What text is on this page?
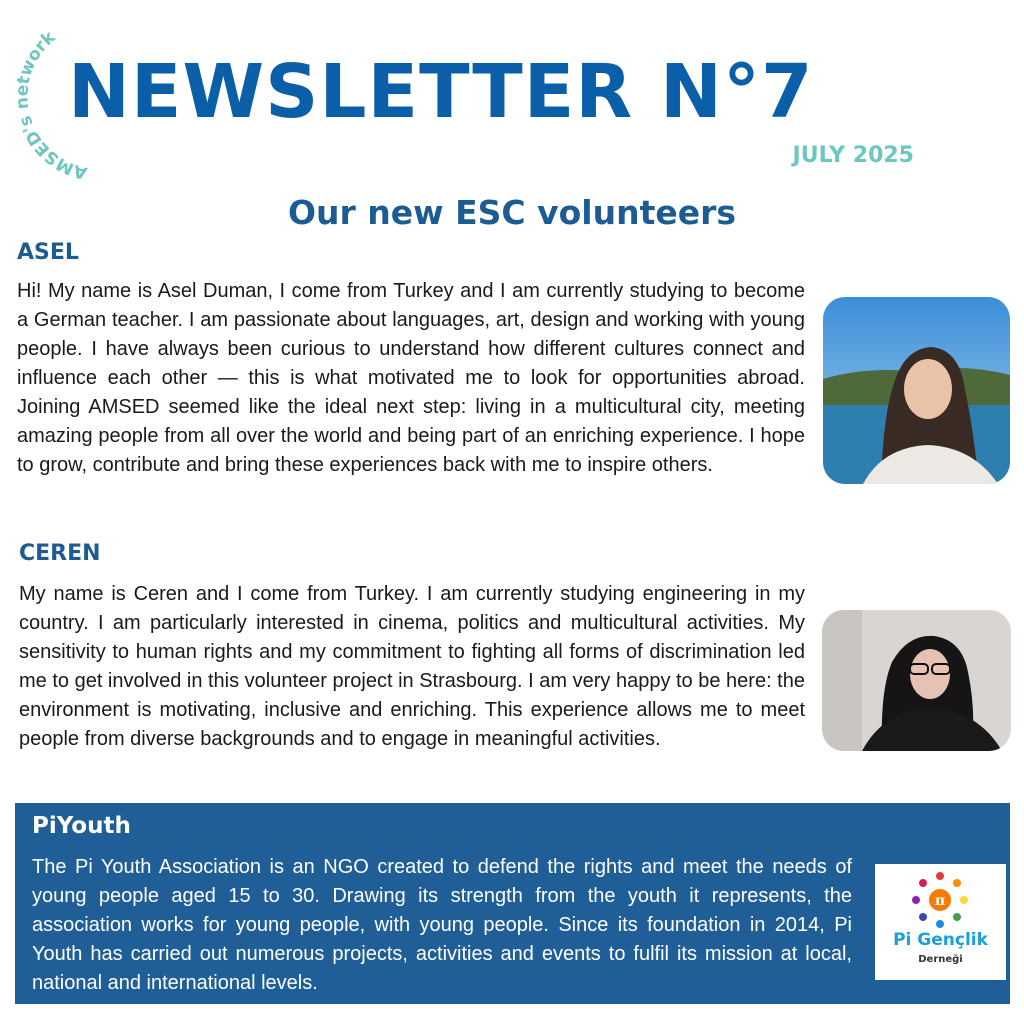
AMSED's network
NEWSLETTER N°7
JULY 2025
Our new ESC volunteers
ASEL
Hi! My name is Asel Duman, I come from Turkey and I am currently studying to become a German teacher. I am passionate about languages, art, design and working with young people. I have always been curious to understand how different cultures connect and influence each other — this is what motivated me to look for opportunities abroad. Joining AMSED seemed like the ideal next step: living in a multicultural city, meeting amazing people from all over the world and being part of an enriching experience. I hope to grow, contribute and bring these experiences back with me to inspire others.
CEREN
My name is Ceren and I come from Turkey. I am currently studying engineering in my country. I am particularly interested in cinema, politics and multicultural activities. My sensitivity to human rights and my commitment to fighting all forms of discrimination led me to get involved in this volunteer project in Strasbourg. I am very happy to be here: the environment is motivating, inclusive and enriching. This experience allows me to meet people from diverse backgrounds and to engage in meaningful activities.
PiYouth
The Pi Youth Association is an NGO created to defend the rights and meet the needs of young people aged 15 to 30. Drawing its strength from the youth it represents, the association works for young people, with young people. Since its foundation in 2014, Pi Youth has carried out numerous projects, activities and events to fulfil its mission at local, national and international levels.
π
Pi Gençlik
Derneği
